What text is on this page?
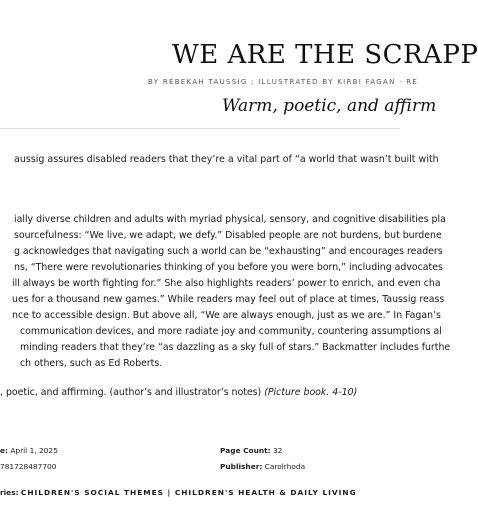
WE ARE THE SCRAPP
BY REBEKAH TAUSSIG ; ILLUSTRATED BY KIRBI FAGAN · RE
Warm, poetic, and affirm
aussig assures disabled readers that they’re a vital part of “a world that wasn’t built with
ially diverse children and adults with myriad physical, sensory, and cognitive disabilities pla
sourcefulness: “We live, we adapt, we defy.” Disabled people are not burdens, but burdene
g acknowledges that navigating such a world can be “exhausting” and encourages readers
ns, “There were revolutionaries thinking of you before you were born,” including advocates
ill always be worth fighting for.” She also highlights readers’ power to enrich, and even cha
ues for a thousand new games.” While readers may feel out of place at times, Taussig reass
nce to accessible design. But above all, “We are always enough, just as we are.” In Fagan’s
communication devices, and more radiate joy and community, countering assumptions al
minding readers that they’re “as dazzling as a sky full of stars.” Backmatter includes furthe
ch others, such as Ed Roberts.
, poetic, and affirming. (author’s and illustrator’s notes) (Picture book. 4-10)
e: April 1, 2025
781728487700
Page Count: 32
Publisher: Carolrhoda
ries: CHILDREN'S SOCIAL THEMES | CHILDREN'S HEALTH & DAILY LIVING
